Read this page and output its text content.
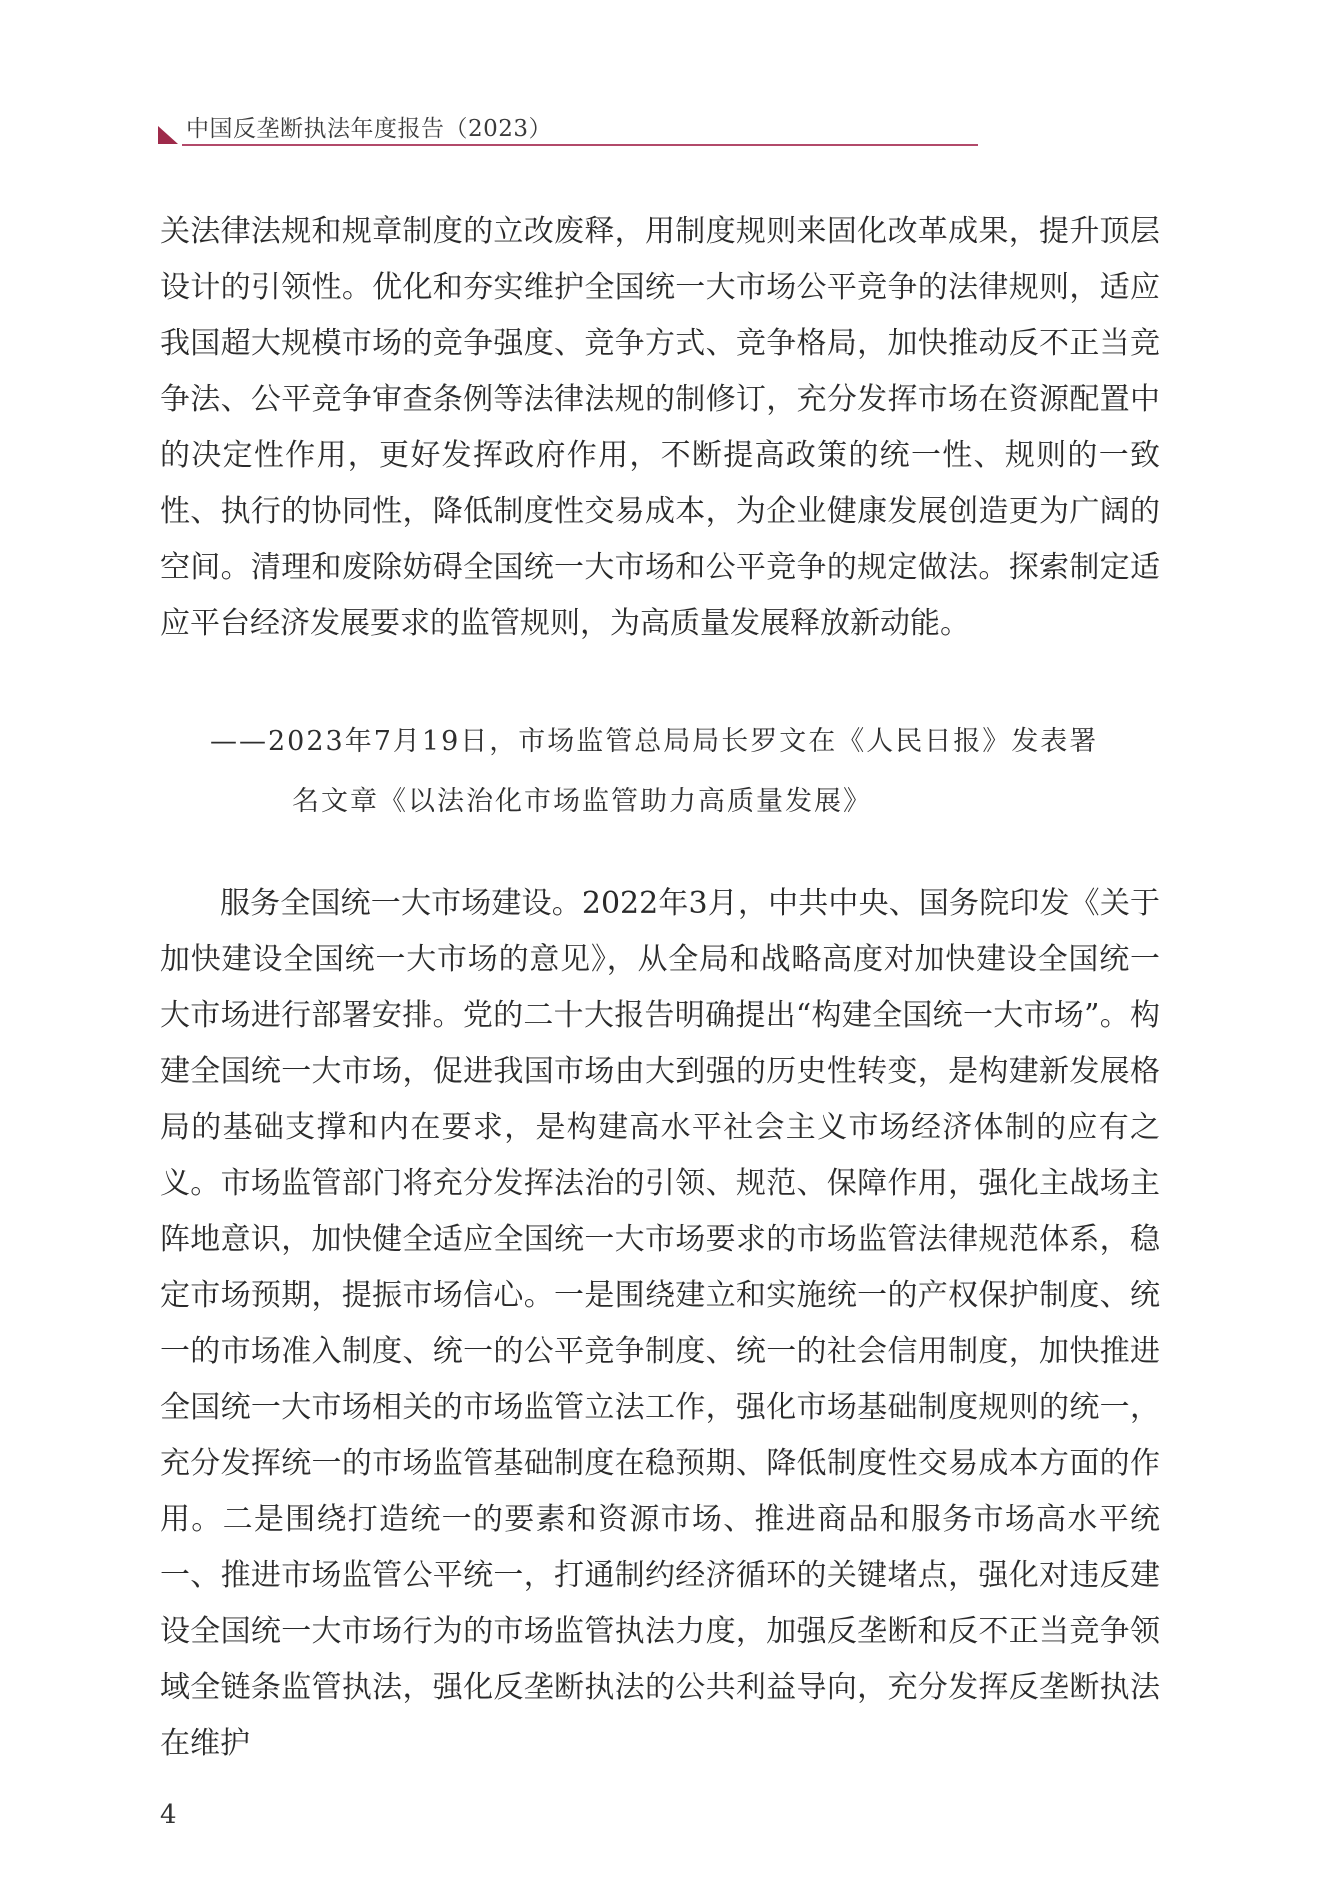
中国反垄断执法年度报告（2023）

关法律法规和规章制度的立改废释，用制度规则来固化改革成果，提升顶层设计的引领性。优化和夯实维护全国统一大市场公平竞争的法律规则，适应我国超大规模市场的竞争强度、竞争方式、竞争格局，加快推动反不正当竞争法、公平竞争审查条例等法律法规的制修订，充分发挥市场在资源配置中的决定性作用，更好发挥政府作用，不断提高政策的统一性、规则的一致性、执行的协同性，降低制度性交易成本，为企业健康发展创造更为广阔的空间。清理和废除妨碍全国统一大市场和公平竞争的规定做法。探索制定适应平台经济发展要求的监管规则，为高质量发展释放新动能。

——2023年7月19日，市场监管总局局长罗文在《人民日报》发表署
名文章《以法治化市场监管助力高质量发展》

服务全国统一大市场建设。2022年3月，中共中央、国务院印发《关于加快建设全国统一大市场的意见》，从全局和战略高度对加快建设全国统一大市场进行部署安排。党的二十大报告明确提出“构建全国统一大市场”。构建全国统一大市场，促进我国市场由大到强的历史性转变，是构建新发展格局的基础支撑和内在要求，是构建高水平社会主义市场经济体制的应有之义。市场监管部门将充分发挥法治的引领、规范、保障作用，强化主战场主阵地意识，加快健全适应全国统一大市场要求的市场监管法律规范体系，稳定市场预期，提振市场信心。一是围绕建立和实施统一的产权保护制度、统一的市场准入制度、统一的公平竞争制度、统一的社会信用制度，加快推进全国统一大市场相关的市场监管立法工作，强化市场基础制度规则的统一，充分发挥统一的市场监管基础制度在稳预期、降低制度性交易成本方面的作用。二是围绕打造统一的要素和资源市场、推进商品和服务市场高水平统一、推进市场监管公平统一，打通制约经济循环的关键堵点，强化对违反建设全国统一大市场行为的市场监管执法力度，加强反垄断和反不正当竞争领域全链条监管执法，强化反垄断执法的公共利益导向，充分发挥反垄断执法在维护

4
